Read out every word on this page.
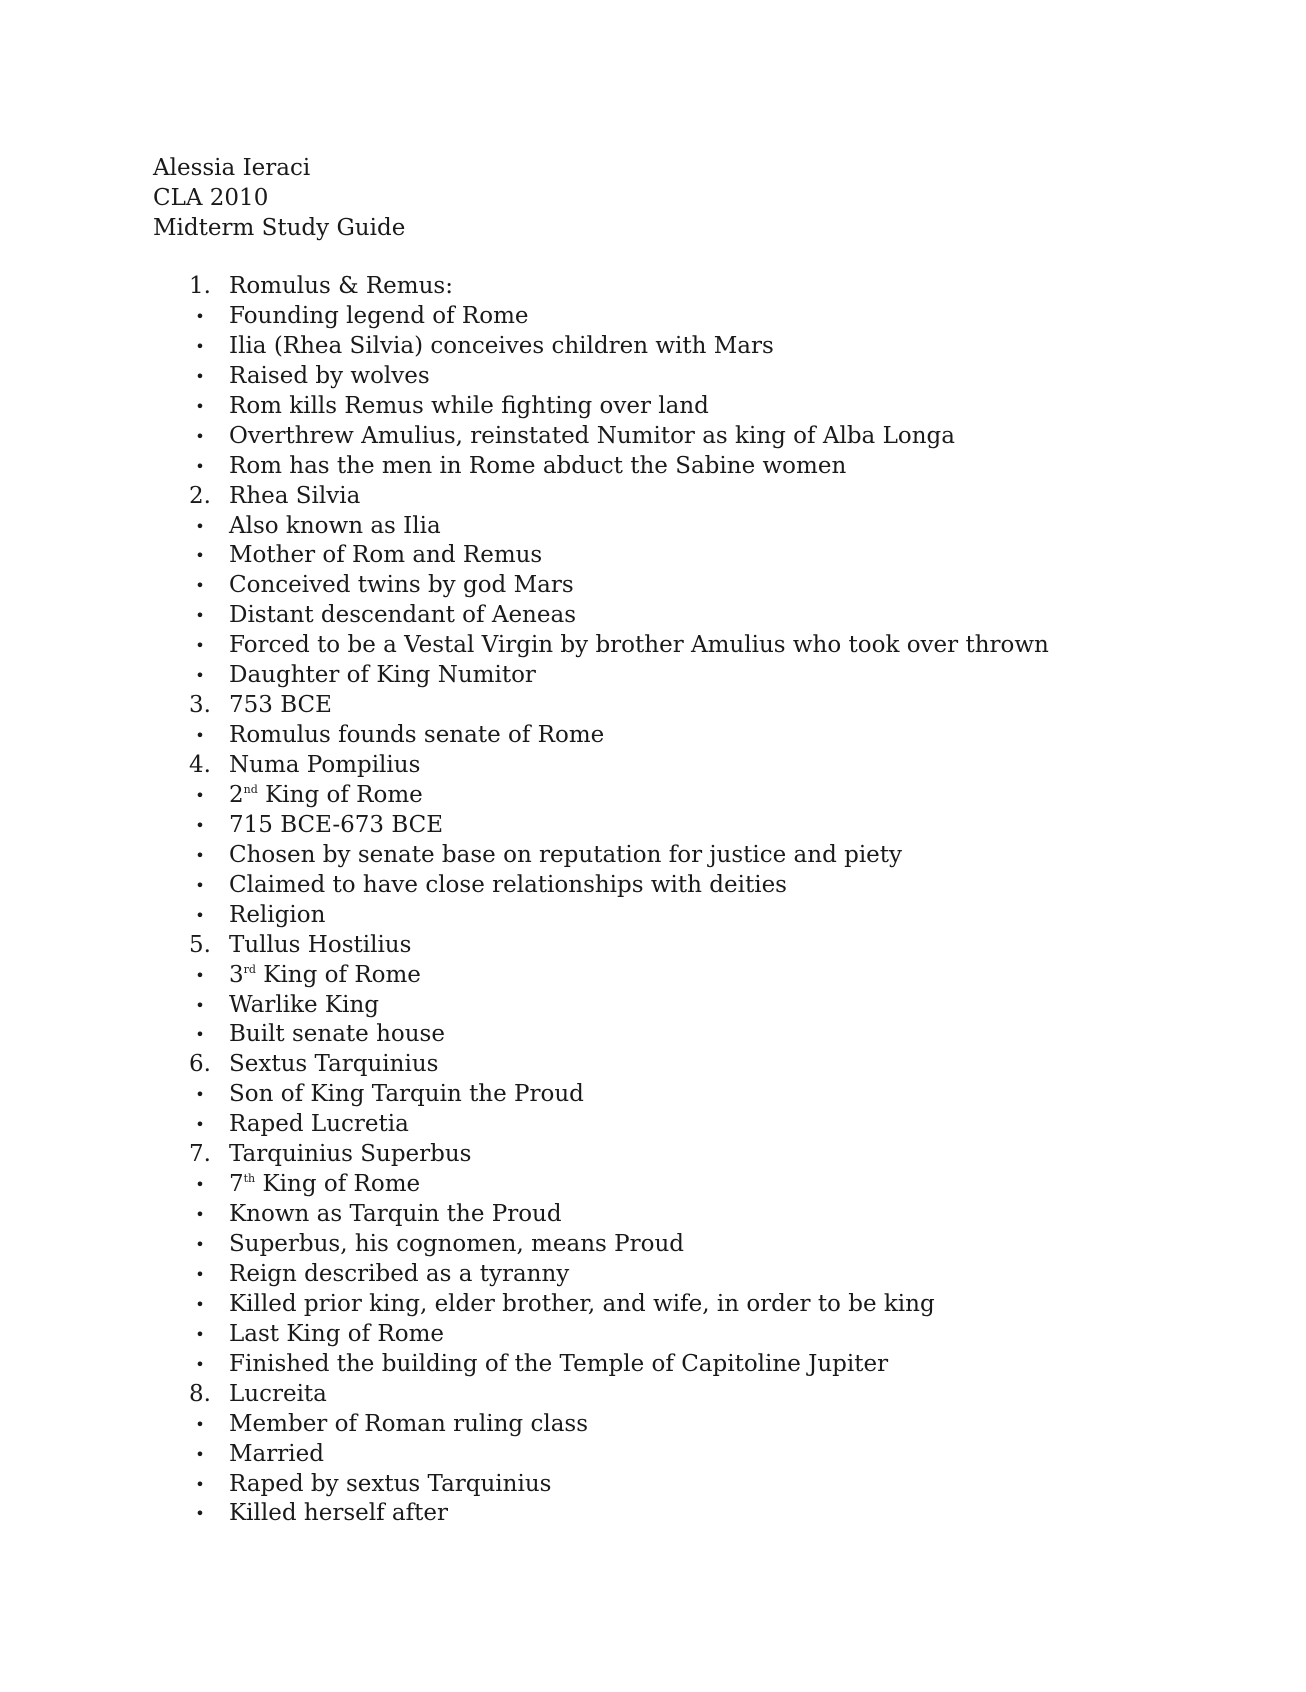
Alessia Ieraci
CLA 2010
Midterm Study Guide
1. Romulus & Remus:
• Founding legend of Rome
• Ilia (Rhea Silvia) conceives children with Mars
• Raised by wolves
• Rom kills Remus while fighting over land
• Overthrew Amulius, reinstated Numitor as king of Alba Longa
• Rom has the men in Rome abduct the Sabine women
2. Rhea Silvia
• Also known as Ilia
• Mother of Rom and Remus
• Conceived twins by god Mars
• Distant descendant of Aeneas
• Forced to be a Vestal Virgin by brother Amulius who took over thrown
• Daughter of King Numitor
3. 753 BCE
• Romulus founds senate of Rome
4. Numa Pompilius
• 2nd King of Rome
• 715 BCE-673 BCE
• Chosen by senate base on reputation for justice and piety
• Claimed to have close relationships with deities
• Religion
5. Tullus Hostilius
• 3rd King of Rome
• Warlike King
• Built senate house
6. Sextus Tarquinius
• Son of King Tarquin the Proud
• Raped Lucretia
7. Tarquinius Superbus
• 7th King of Rome
• Known as Tarquin the Proud
• Superbus, his cognomen, means Proud
• Reign described as a tyranny
• Killed prior king, elder brother, and wife, in order to be king
• Last King of Rome
• Finished the building of the Temple of Capitoline Jupiter
8. Lucreita
• Member of Roman ruling class
• Married
• Raped by sextus Tarquinius
• Killed herself after
